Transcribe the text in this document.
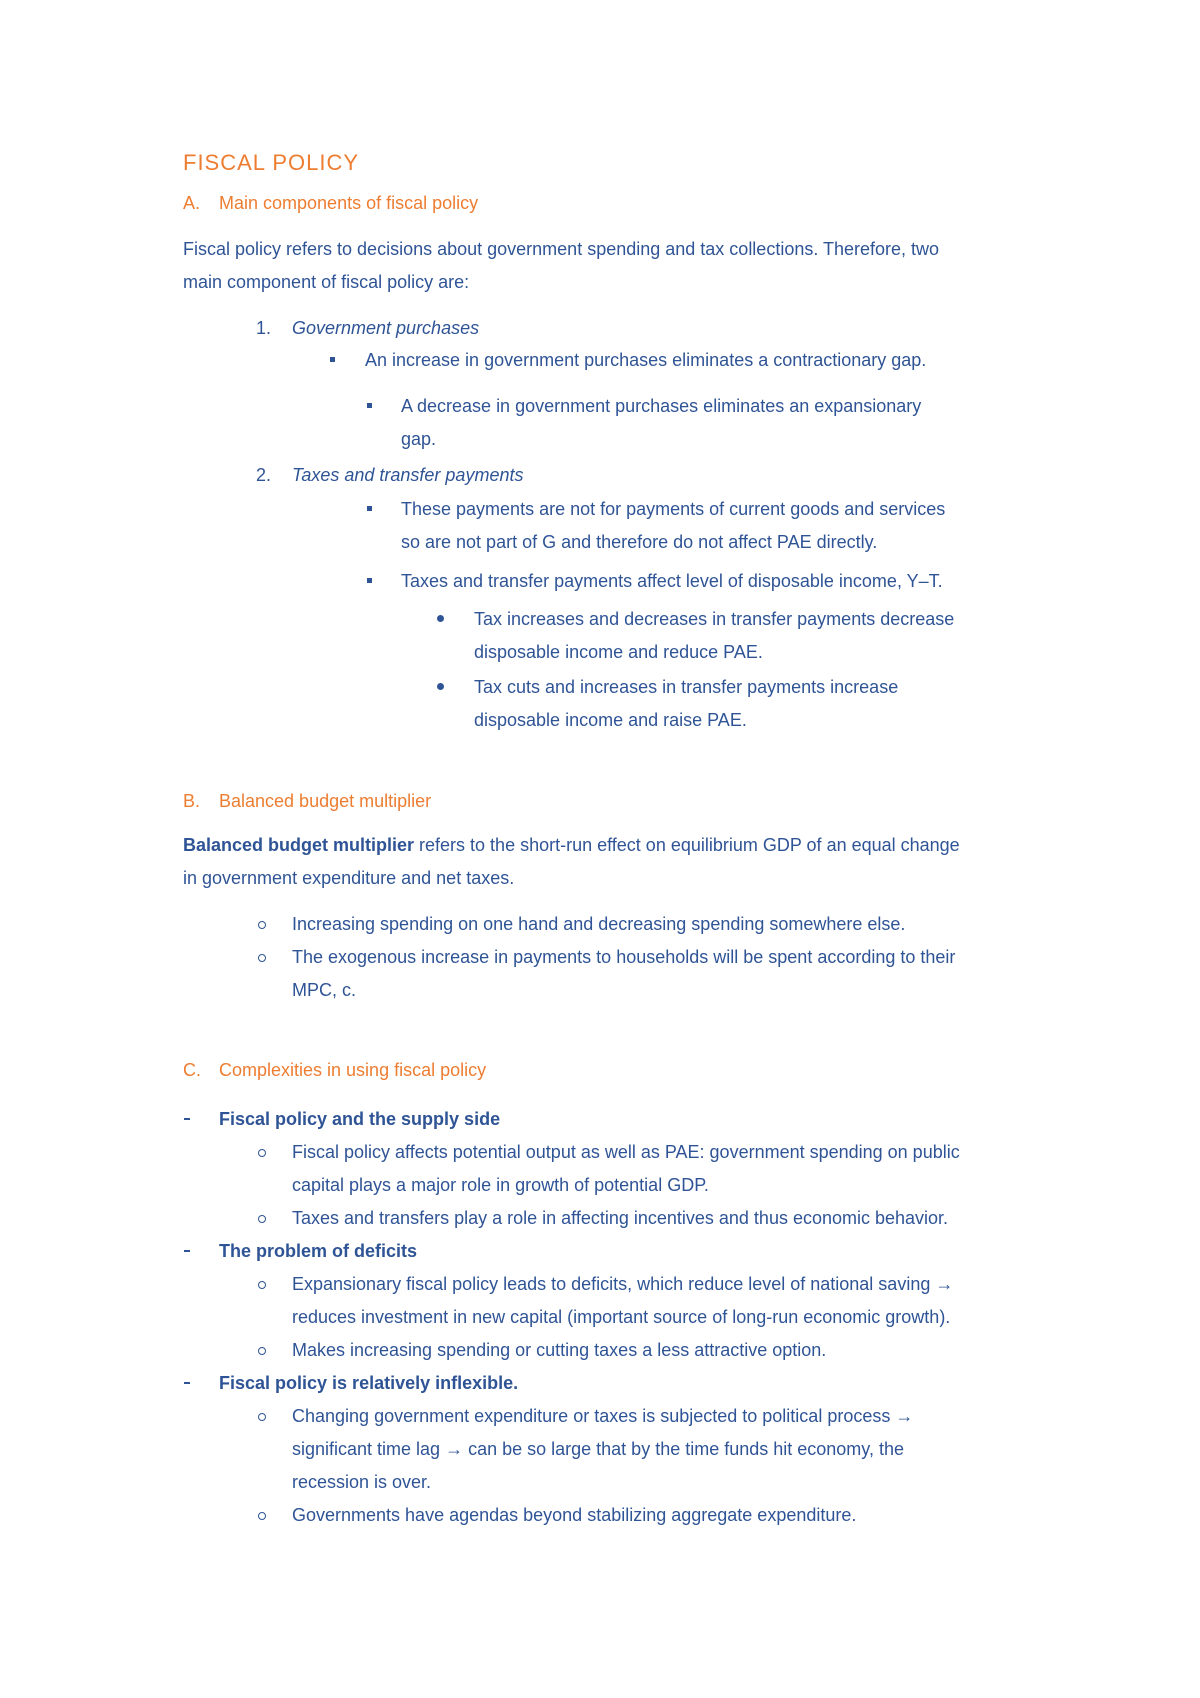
FISCAL POLICY
A. Main components of fiscal policy
Fiscal policy refers to decisions about government spending and tax collections. Therefore, two
main component of fiscal policy are:
1. Government purchases
An increase in government purchases eliminates a contractionary gap.
A decrease in government purchases eliminates an expansionary
gap.
2. Taxes and transfer payments
These payments are not for payments of current goods and services
so are not part of G and therefore do not affect PAE directly.
Taxes and transfer payments affect level of disposable income, Y–T.
Tax increases and decreases in transfer payments decrease
disposable income and reduce PAE.
Tax cuts and increases in transfer payments increase
disposable income and raise PAE.
B. Balanced budget multiplier
Balanced budget multiplier refers to the short-run effect on equilibrium GDP of an equal change
in government expenditure and net taxes.
Increasing spending on one hand and decreasing spending somewhere else.
The exogenous increase in payments to households will be spent according to their
MPC, c.
C. Complexities in using fiscal policy
Fiscal policy and the supply side
Fiscal policy affects potential output as well as PAE: government spending on public
capital plays a major role in growth of potential GDP.
Taxes and transfers play a role in affecting incentives and thus economic behavior.
The problem of deficits
Expansionary fiscal policy leads to deficits, which reduce level of national saving →
reduces investment in new capital (important source of long-run economic growth).
Makes increasing spending or cutting taxes a less attractive option.
Fiscal policy is relatively inflexible.
Changing government expenditure or taxes is subjected to political process →
significant time lag → can be so large that by the time funds hit economy, the
recession is over.
Governments have agendas beyond stabilizing aggregate expenditure.
